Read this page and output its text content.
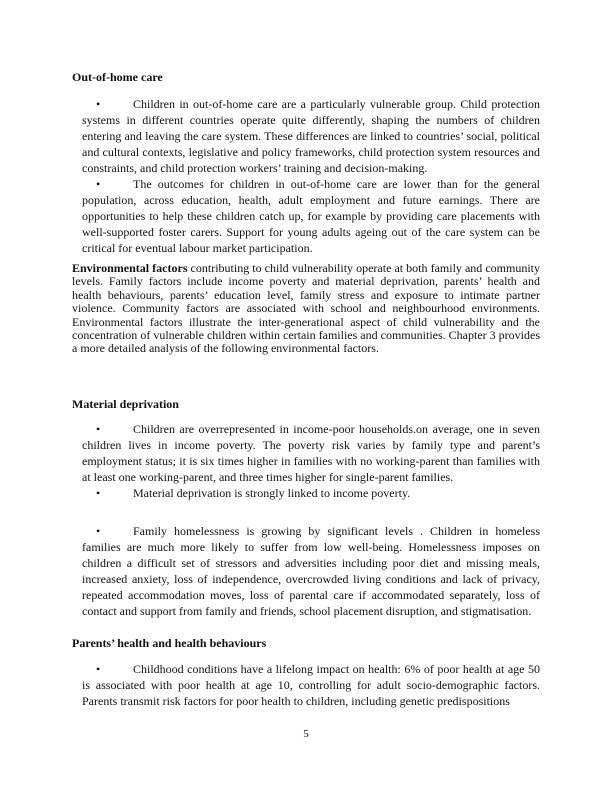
Out-of-home care

•	Children in out-of-home care are a particularly vulnerable group. Child protection systems in different countries operate quite differently, shaping the numbers of children entering and leaving the care system. These differences are linked to countries’ social, political and cultural contexts, legislative and policy frameworks, child protection system resources and constraints, and child protection workers’ training and decision-making.

•	The outcomes for children in out-of-home care are lower than for the general population, across education, health, adult employment and future earnings. There are opportunities to help these children catch up, for example by providing care placements with well-supported foster carers. Support for young adults ageing out of the care system can be critical for eventual labour market participation.

Environmental factors contributing to child vulnerability operate at both family and community levels. Family factors include income poverty and material deprivation, parents’ health and health behaviours, parents’ education level, family stress and exposure to intimate partner violence. Community factors are associated with school and neighbourhood environments. Environmental factors illustrate the inter-generational aspect of child vulnerability and the concentration of vulnerable children within certain families and communities. Chapter 3 provides a more detailed analysis of the following environmental factors.

Material deprivation

•	Children are overrepresented in income-poor households.on average, one in seven children lives in income poverty. The poverty risk varies by family type and parent’s employment status; it is six times higher in families with no working-parent than families with at least one working-parent, and three times higher for single-parent families.

•	Material deprivation is strongly linked to income poverty.

•	Family homelessness is growing by significant levels . Children in homeless families are much more likely to suffer from low well-being. Homelessness imposes on children a difficult set of stressors and adversities including poor diet and missing meals, increased anxiety, loss of independence, overcrowded living conditions and lack of privacy, repeated accommodation moves, loss of parental care if accommodated separately, loss of contact and support from family and friends, school placement disruption, and stigmatisation.

Parents’ health and health behaviours

•	Childhood conditions have a lifelong impact on health: 6% of poor health at age 50 is associated with poor health at age 10, controlling for adult socio-demographic factors. Parents transmit risk factors for poor health to children, including genetic predispositions

5
